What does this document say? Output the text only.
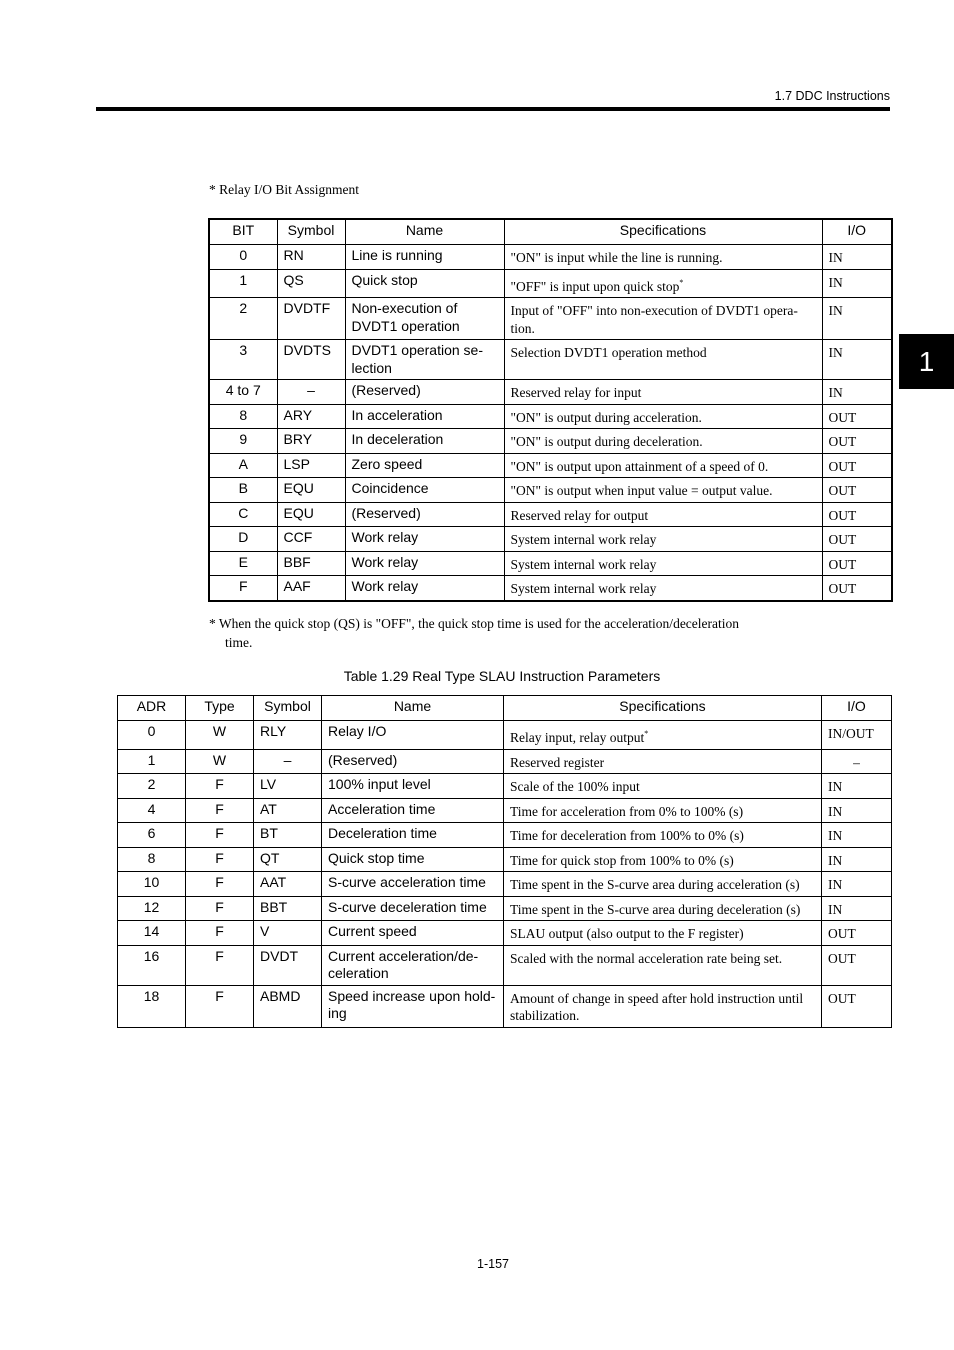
1.7 DDC Instructions
1
* Relay I/O Bit Assignment
BIT	Symbol	Name	Specifications	I/O
0	RN	Line is running	"ON" is input while the line is running.	IN
1	QS	Quick stop	"OFF" is input upon quick stop*	IN
2	DVDTF	Non-execution of DVDT1 operation	Input of "OFF" into non-execution of DVDT1 opera-tion.	IN
3	DVDTS	DVDT1 operation se-lection	Selection DVDT1 operation method	IN
4 to 7	–	(Reserved)	Reserved relay for input	IN
8	ARY	In acceleration	"ON" is output during acceleration.	OUT
9	BRY	In deceleration	"ON" is output during deceleration.	OUT
A	LSP	Zero speed	"ON" is output upon attainment of a speed of 0.	OUT
B	EQU	Coincidence	"ON" is output when input value = output value.	OUT
C	EQU	(Reserved)	Reserved relay for output	OUT
D	CCF	Work relay	System internal work relay	OUT
E	BBF	Work relay	System internal work relay	OUT
F	AAF	Work relay	System internal work relay	OUT
* When the quick stop (QS) is "OFF", the quick stop time is used for the acceleration/deceleration
time.
Table 1.29 Real Type SLAU Instruction Parameters
ADR	Type	Symbol	Name	Specifications	I/O
0	W	RLY	Relay I/O	Relay input, relay output*	IN/OUT
1	W	–	(Reserved)	Reserved register	–
2	F	LV	100% input level	Scale of the 100% input	IN
4	F	AT	Acceleration time	Time for acceleration from 0% to 100% (s)	IN
6	F	BT	Deceleration time	Time for deceleration from 100% to 0% (s)	IN
8	F	QT	Quick stop time	Time for quick stop from 100% to 0% (s)	IN
10	F	AAT	S-curve acceleration time	Time spent in the S-curve area during acceleration (s)	IN
12	F	BBT	S-curve deceleration time	Time spent in the S-curve area during deceleration (s)	IN
14	F	V	Current speed	SLAU output (also output to the F register)	OUT
16	F	DVDT	Current acceleration/de-celeration	Scaled with the normal acceleration rate being set.	OUT
18	F	ABMD	Speed increase upon hold-ing	Amount of change in speed after hold instruction until stabilization.	OUT
1-157
